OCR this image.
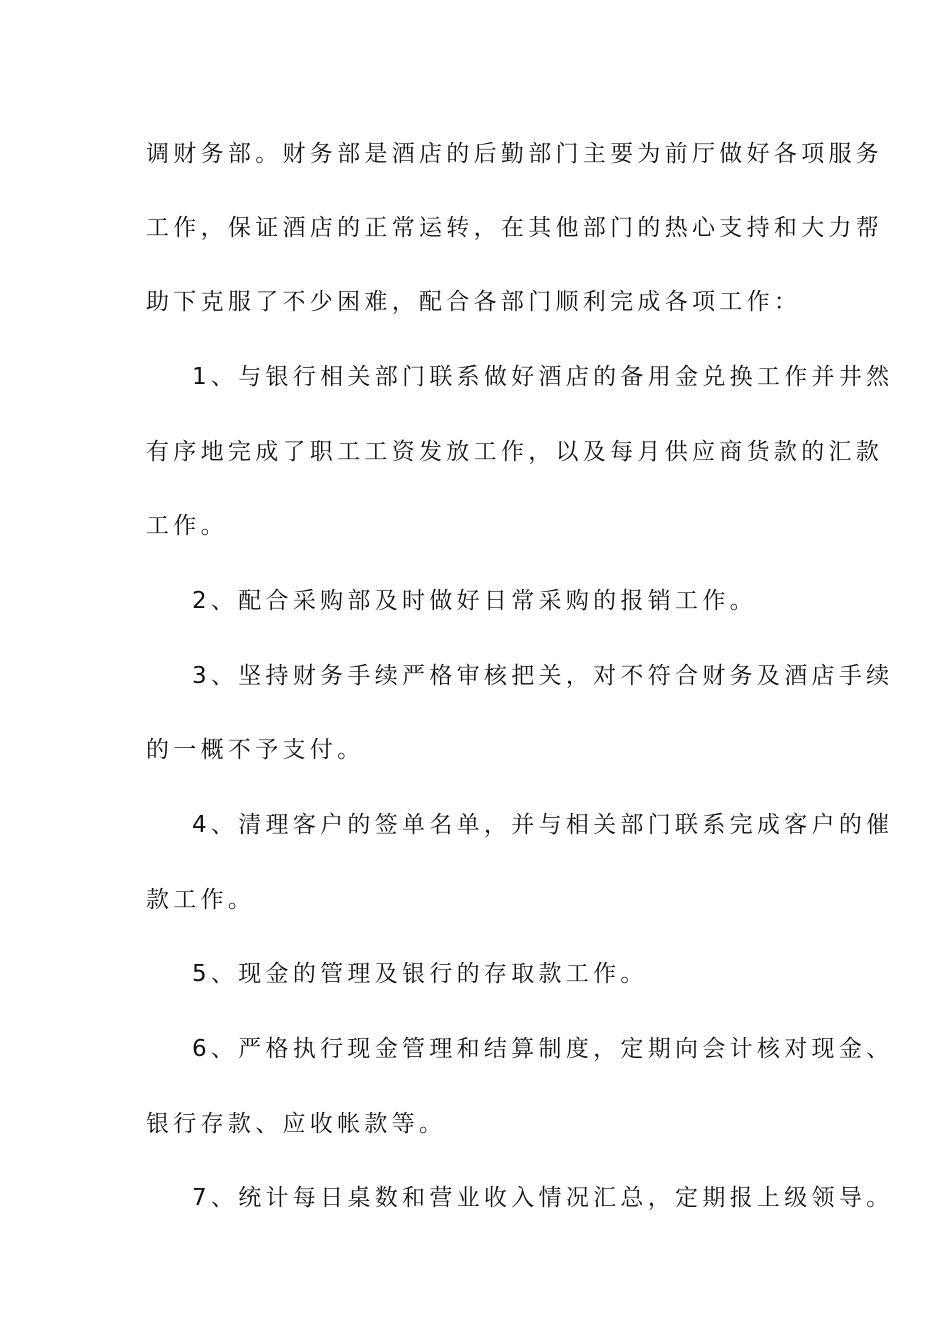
调财务部。财务部是酒店的后勤部门主要为前厅做好各项服务
工作，保证酒店的正常运转，在其他部门的热心支持和大力帮
助下克服了不少困难，配合各部门顺利完成各项工作：
1、与银行相关部门联系做好酒店的备用金兑换工作并井然
有序地完成了职工工资发放工作，以及每月供应商货款的汇款
工作。
2、配合采购部及时做好日常采购的报销工作。
3、坚持财务手续严格审核把关，对不符合财务及酒店手续
的一概不予支付。
4、清理客户的签单名单，并与相关部门联系完成客户的催
款工作。
5、现金的管理及银行的存取款工作。
6、严格执行现金管理和结算制度，定期向会计核对现金、
银行存款、应收帐款等。
7、统计每日桌数和营业收入情况汇总，定期报上级领导。
